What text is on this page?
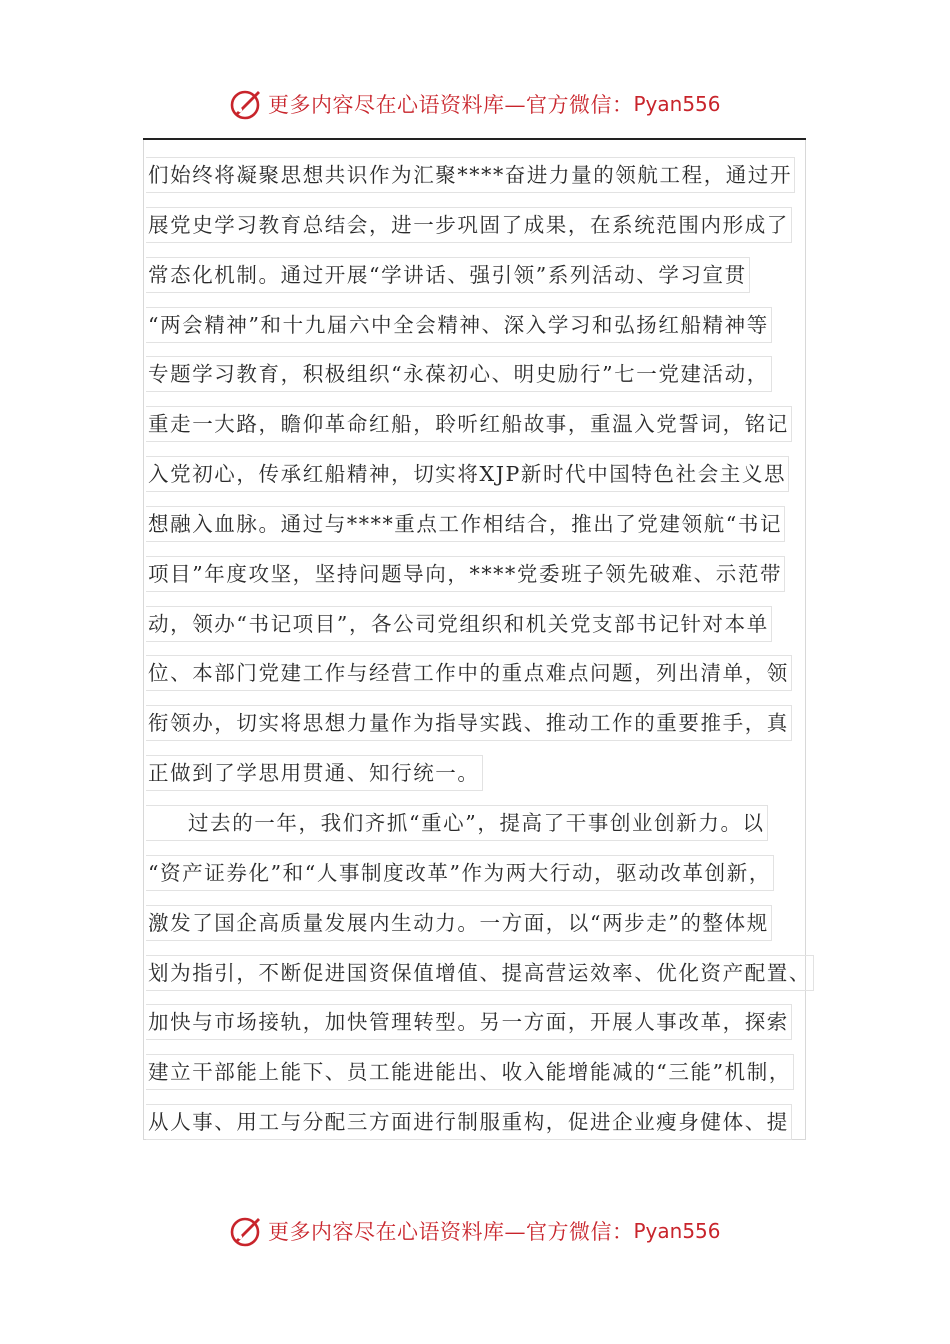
更多内容尽在心语资料库—官方微信： Pyan556
们始终将凝聚思想共识作为汇聚****奋进力量的领航工程，通过开
展党史学习教育总结会，进一步巩固了成果，在系统范围内形成了
常态化机制。通过开展“学讲话、强引领”系列活动、学习宣贯
“两会精神”和十九届六中全会精神、深入学习和弘扬红船精神等
专题学习教育，积极组织“永葆初心、明史励行”七一党建活动，
重走一大路，瞻仰革命红船，聆听红船故事，重温入党誓词，铭记
入党初心，传承红船精神，切实将XJP新时代中国特色社会主义思
想融入血脉。通过与****重点工作相结合，推出了党建领航“书记
项目”年度攻坚，坚持问题导向，****党委班子领先破难、示范带
动，领办“书记项目”，各公司党组织和机关党支部书记针对本单
位、本部门党建工作与经营工作中的重点难点问题，列出清单，领
衔领办，切实将思想力量作为指导实践、推动工作的重要推手，真
正做到了学思用贯通、知行统一。
过去的一年，我们齐抓“重心”，提高了干事创业创新力。以
“资产证券化”和“人事制度改革”作为两大行动，驱动改革创新，
激发了国企高质量发展内生动力。一方面，以“两步走”的整体规
划为指引，不断促进国资保值增值、提高营运效率、优化资产配置、
加快与市场接轨，加快管理转型。另一方面，开展人事改革，探索
建立干部能上能下、员工能进能出、收入能增能减的“三能”机制，
从人事、用工与分配三方面进行制服重构，促进企业瘦身健体、提
更多内容尽在心语资料库—官方微信： Pyan556
